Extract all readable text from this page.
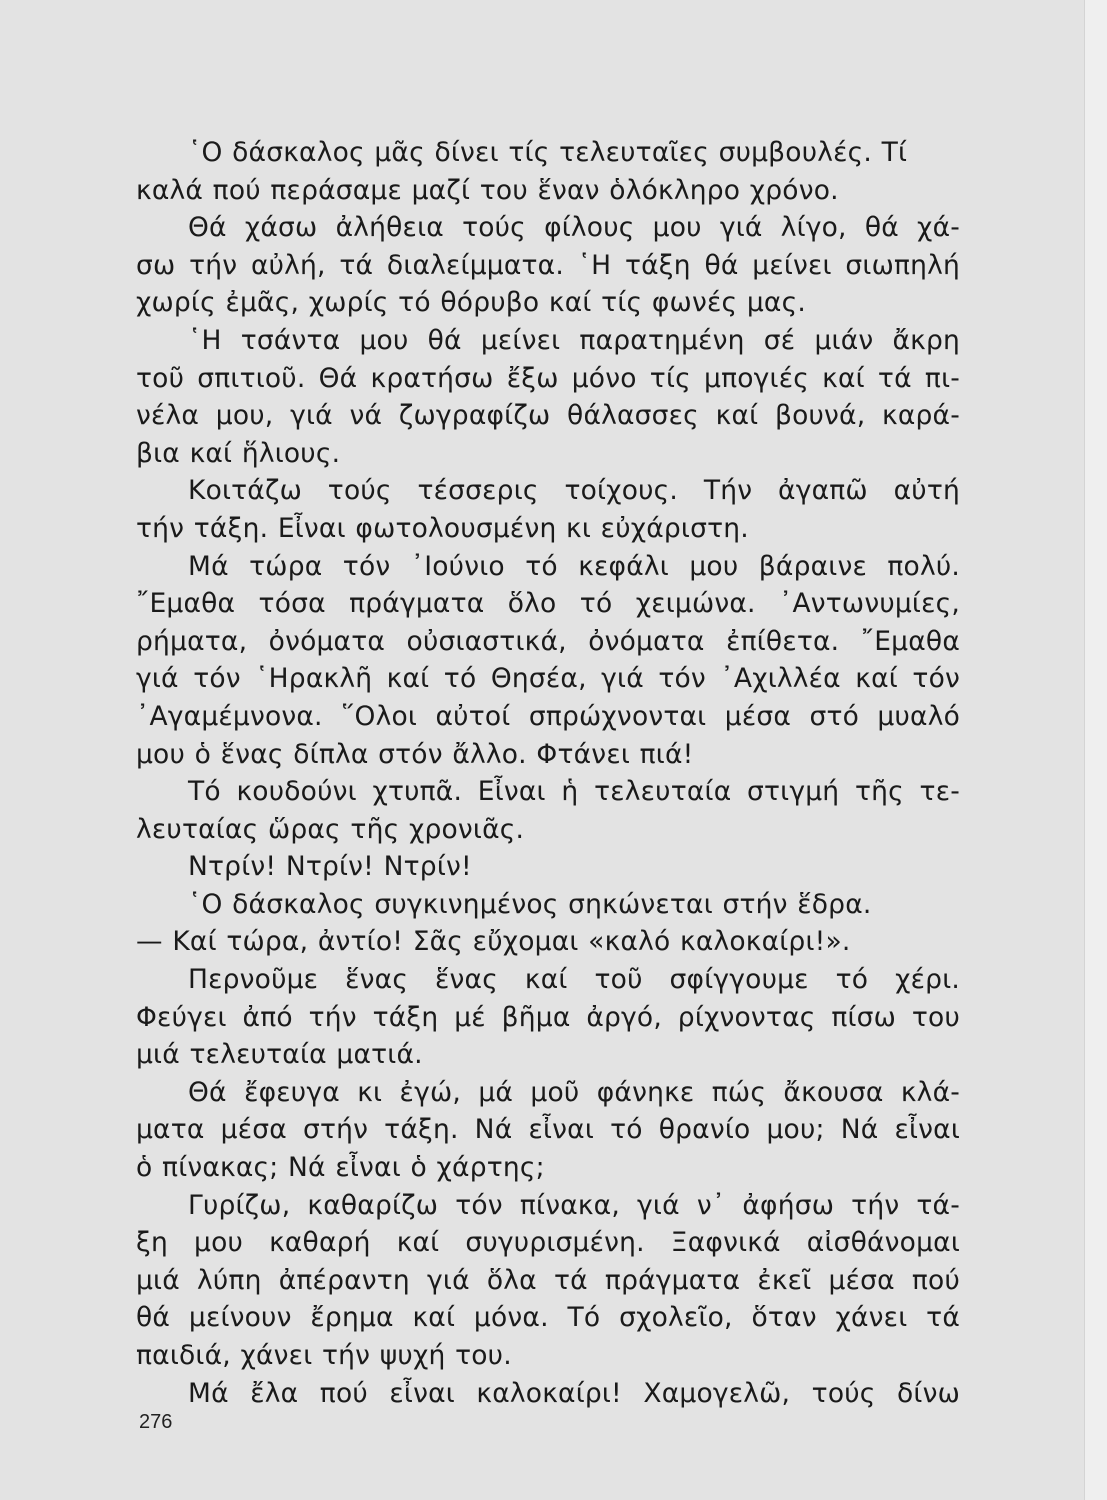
῾Ο δάσκαλος μᾶς δίνει τίς τελευταῖες συμβουλές. Τί
καλά πού περάσαμε μαζί του ἕναν ὁλόκληρο χρόνο.
Θά χάσω ἀλήθεια τούς φίλους μου γιά λίγο, θά χά-
σω τήν αὐλή, τά διαλείμματα. ῾Η τάξη θά μείνει σιωπηλή
χωρίς ἐμᾶς, χωρίς τό θόρυβο καί τίς φωνές μας.
῾Η τσάντα μου θά μείνει παρατημένη σέ μιάν ἄκρη
τοῦ σπιτιοῦ. Θά κρατήσω ἔξω μόνο τίς μπογιές καί τά πι-
νέλα μου, γιά νά ζωγραφίζω θάλασσες καί βουνά, καρά-
βια καί ἥλιους.
Κοιτάζω τούς τέσσερις τοίχους. Τήν ἀγαπῶ αὐτή
τήν τάξη. Εἶναι φωτολουσμένη κι εὐχάριστη.
Μά τώρα τόν ᾿Ιούνιο τό κεφάλι μου βάραινε πολύ.
῎Εμαθα τόσα πράγματα ὅλο τό χειμώνα. ᾿Αντωνυμίες,
ρήματα, ὀνόματα οὐσιαστικά, ὀνόματα ἐπίθετα. ῎Εμαθα
γιά τόν ῾Ηρακλῆ καί τό Θησέα, γιά τόν ᾿Αχιλλέα καί τόν
᾿Αγαμέμνονα. ῞Ολοι αὐτοί σπρώχνονται μέσα στό μυαλό
μου ὁ ἕνας δίπλα στόν ἄλλο. Φτάνει πιά!
Τό κουδούνι χτυπᾶ. Εἶναι ἡ τελευταία στιγμή τῆς τε-
λευταίας ὥρας τῆς χρονιᾶς.
Ντρίν! Ντρίν! Ντρίν!
῾Ο δάσκαλος συγκινημένος σηκώνεται στήν ἕδρα.
— Καί τώρα, ἀντίο! Σᾶς εὔχομαι «καλό καλοκαίρι!».
Περνοῦμε ἕνας ἕνας καί τοῦ σφίγγουμε τό χέρι.
Φεύγει ἀπό τήν τάξη μέ βῆμα ἀργό, ρίχνοντας πίσω του
μιά τελευταία ματιά.
Θά ἔφευγα κι ἐγώ, μά μοῦ φάνηκε πώς ἄκουσα κλά-
ματα μέσα στήν τάξη. Νά εἶναι τό θρανίο μου; Νά εἶναι
ὁ πίνακας; Νά εἶναι ὁ χάρτης;
Γυρίζω, καθαρίζω τόν πίνακα, γιά ν᾿ ἀφήσω τήν τά-
ξη μου καθαρή καί συγυρισμένη. Ξαφνικά αἰσθάνομαι
μιά λύπη ἀπέραντη γιά ὅλα τά πράγματα ἐκεῖ μέσα πού
θά μείνουν ἔρημα καί μόνα. Τό σχολεῖο, ὅταν χάνει τά
παιδιά, χάνει τήν ψυχή του.
Μά ἔλα πού εἶναι καλοκαίρι! Χαμογελῶ, τούς δίνω
276
